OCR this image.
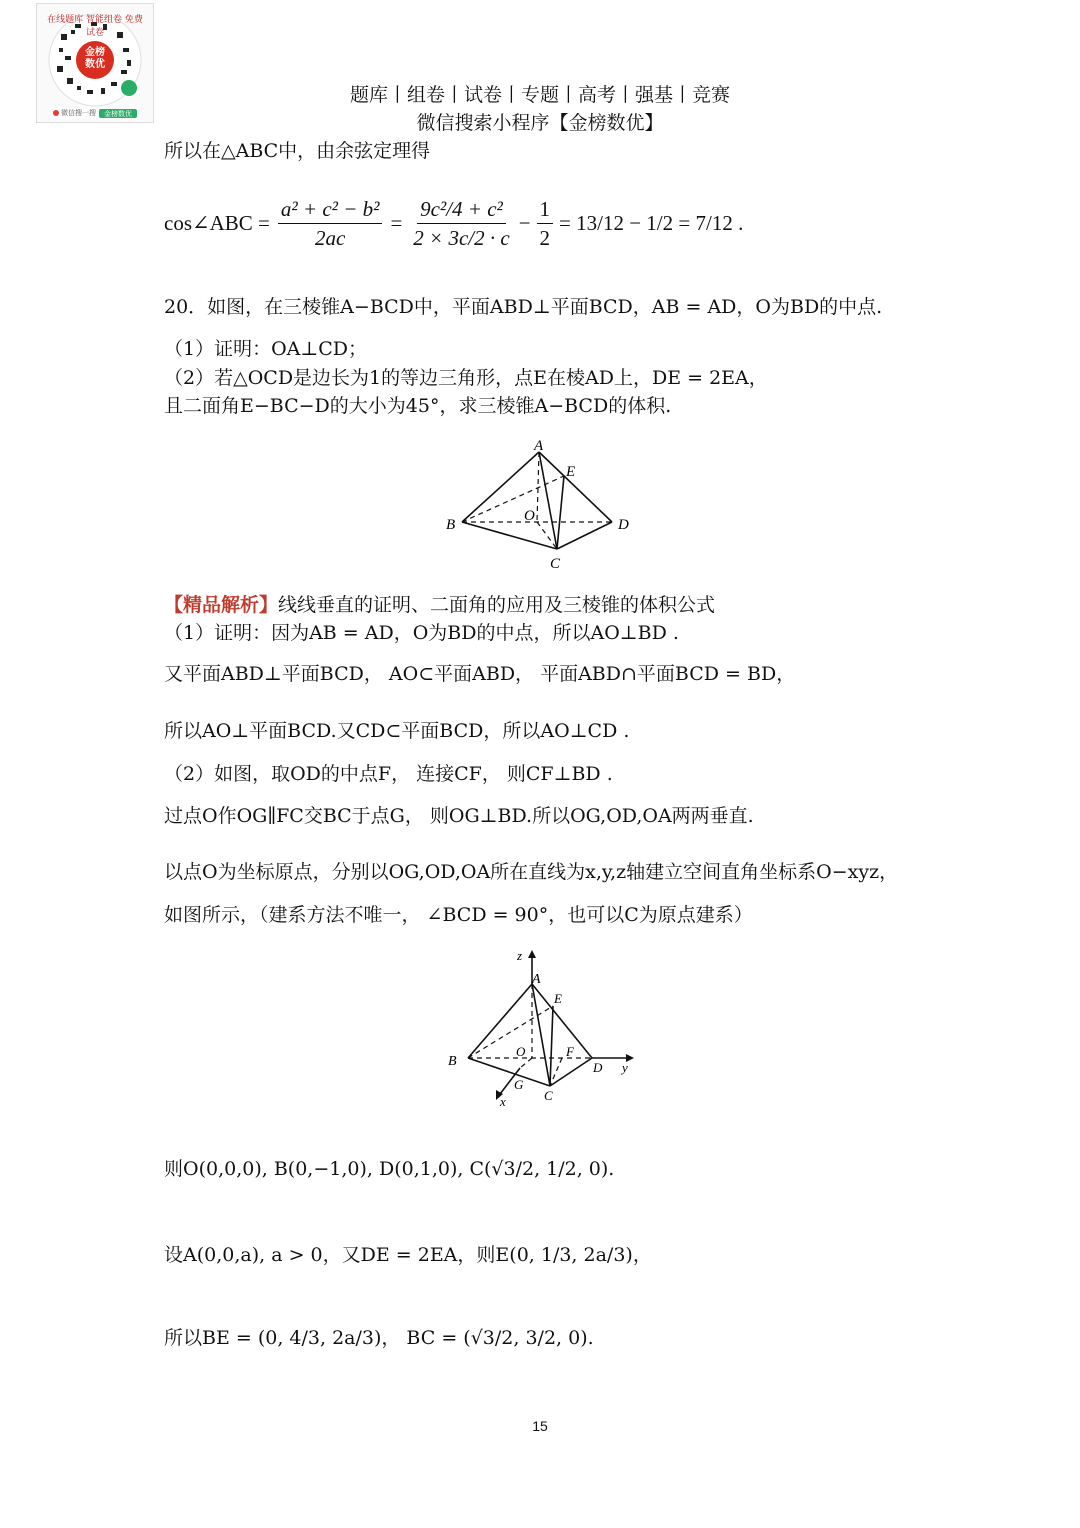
在线题库 智能组卷 免费试卷
金榜
数优
微信搜一搜	金榜数优
题库丨组卷丨试卷丨专题丨高考丨强基丨竞赛
微信搜索小程序【金榜数优】
所以在△ABC中，由余弦定理得
cos∠ABC = $\frac{\text{a² + c² − b²}}{2ac} = \frac{\text{9c²/4 + c²}}{2 \times 3c/2 \cdot c} - \frac{1}{2} = 13/12 - 1/2 = 7/12$ .
20．如图，在三棱锥A−BCD中，平面ABD⊥平面BCD，AB = AD，O为BD的中点.
（1）证明：OA⊥CD；
（2）若△OCD是边长为1的等边三角形，点E在棱AD上，DE = 2EA，
且二面角E−BC−D的大小为45°，求三棱锥A−BCD的体积.
A
E
B	D
O
C
【精品解析】线线垂直的证明、二面角的应用及三棱锥的体积公式
（1）证明：因为AB = AD，O为BD的中点，所以AO⊥BD .
又平面ABD⊥平面BCD， AO⊂平面ABD， 平面ABD∩平面BCD = BD，
所以AO⊥平面BCD.又CD⊂平面BCD，所以AO⊥CD .
（2）如图，取OD的中点F， 连接CF， 则CF⊥BD .
过点O作OG∥FC交BC于点G， 则OG⊥BD.所以OG,OD,OA两两垂直.
以点O为坐标原点，分别以OG,OD,OA所在直线为x,y,z轴建立空间直角坐标系O−xyz，
如图所示，（建系方法不唯一， ∠BCD = 90°，也可以C为原点建系）
z
A
E
B
O	F
D y
G
C
x
则O(0,0,0), B(0,−1,0), D(0,1,0), C(√3/2, 1/2, 0).
设A(0,0,a), a > 0，又DE = 2EA，则E(0, 1/3, 2a/3)，
所以BE = (0, 4/3, 2a/3)， BC = (√3/2, 3/2, 0).
15
